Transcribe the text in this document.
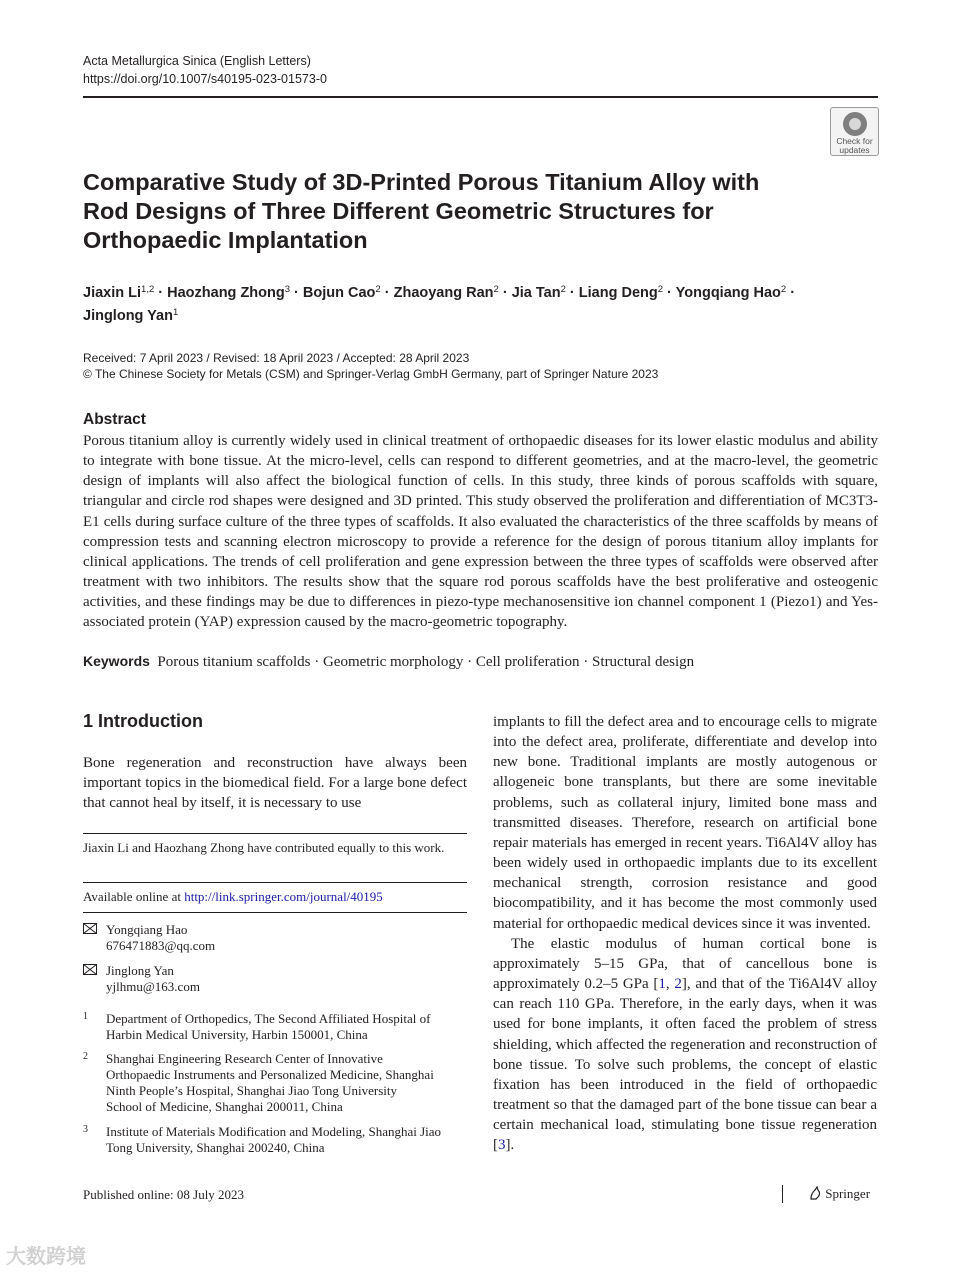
Acta Metallurgica Sinica (English Letters)
https://doi.org/10.1007/s40195-023-01573-0
Check for
updates
Comparative Study of 3D-Printed Porous Titanium Alloy with Rod Designs of Three Different Geometric Structures for Orthopaedic Implantation
Jiaxin Li$^{1,2}$ · Haozhang Zhong$^3$ · Bojun Cao$^2$ · Zhaoyang Ran$^2$ · Jia Tan$^2$ · Liang Deng$^2$ · Yongqiang Hao$^2$ ·
Jinglong Yan$^1$
Received: 7 April 2023 / Revised: 18 April 2023 / Accepted: 28 April 2023
© The Chinese Society for Metals (CSM) and Springer-Verlag GmbH Germany, part of Springer Nature 2023
Abstract
Porous titanium alloy is currently widely used in clinical treatment of orthopaedic diseases for its lower elastic modulus and ability to integrate with bone tissue. At the micro-level, cells can respond to different geometries, and at the macro-level, the geometric design of implants will also affect the biological function of cells. In this study, three kinds of porous scaffolds with square, triangular and circle rod shapes were designed and 3D printed. This study observed the proliferation and differentiation of MC3T3-E1 cells during surface culture of the three types of scaffolds. It also evaluated the characteristics of the three scaffolds by means of compression tests and scanning electron microscopy to provide a reference for the design of porous titanium alloy implants for clinical applications. The trends of cell proliferation and gene expression between the three types of scaffolds were observed after treatment with two inhibitors. The results show that the square rod porous scaffolds have the best proliferative and osteogenic activities, and these findings may be due to differences in piezo-type mechanosensitive ion channel component 1 (Piezo1) and Yes-associated protein (YAP) expression caused by the macro-geometric topography.
Keywords Porous titanium scaffolds · Geometric morphology · Cell proliferation · Structural design
1 Introduction
Bone regeneration and reconstruction have always been important topics in the biomedical field. For a large bone defect that cannot heal by itself, it is necessary to use
Jiaxin Li and Haozhang Zhong have contributed equally to this work.
Available online at http://link.springer.com/journal/40195
Yongqiang Hao
676471883@qq.com
Jinglong Yan
yjlhmu@163.com
1 Department of Orthopedics, The Second Affiliated Hospital of Harbin Medical University, Harbin 150001, China
2 Shanghai Engineering Research Center of Innovative Orthopaedic Instruments and Personalized Medicine, Shanghai Ninth People’s Hospital, Shanghai Jiao Tong University School of Medicine, Shanghai 200011, China
3 Institute of Materials Modification and Modeling, Shanghai Jiao Tong University, Shanghai 200240, China

implants to fill the defect area and to encourage cells to migrate into the defect area, proliferate, differentiate and develop into new bone. Traditional implants are mostly autogenous or allogeneic bone transplants, but there are some inevitable problems, such as collateral injury, limited bone mass and transmitted diseases. Therefore, research on artificial bone repair materials has emerged in recent years. Ti6Al4V alloy has been widely used in orthopaedic implants due to its excellent mechanical strength, corrosion resistance and good biocompatibility, and it has become the most commonly used material for orthopaedic medical devices since it was invented.

The elastic modulus of human cortical bone is approximately 5–15 GPa, that of cancellous bone is approximately 0.2–5 GPa [1, 2], and that of the Ti6Al4V alloy can reach 110 GPa. Therefore, in the early days, when it was used for bone implants, it often faced the problem of stress shielding, which affected the regeneration and reconstruction of bone tissue. To solve such problems, the concept of elastic fixation has been introduced in the field of orthopaedic treatment so that the damaged part of the bone tissue can bear a certain mechanical load, stimulating bone tissue regeneration [3].

Published online: 08 July 2023	Springer
大数跨境
